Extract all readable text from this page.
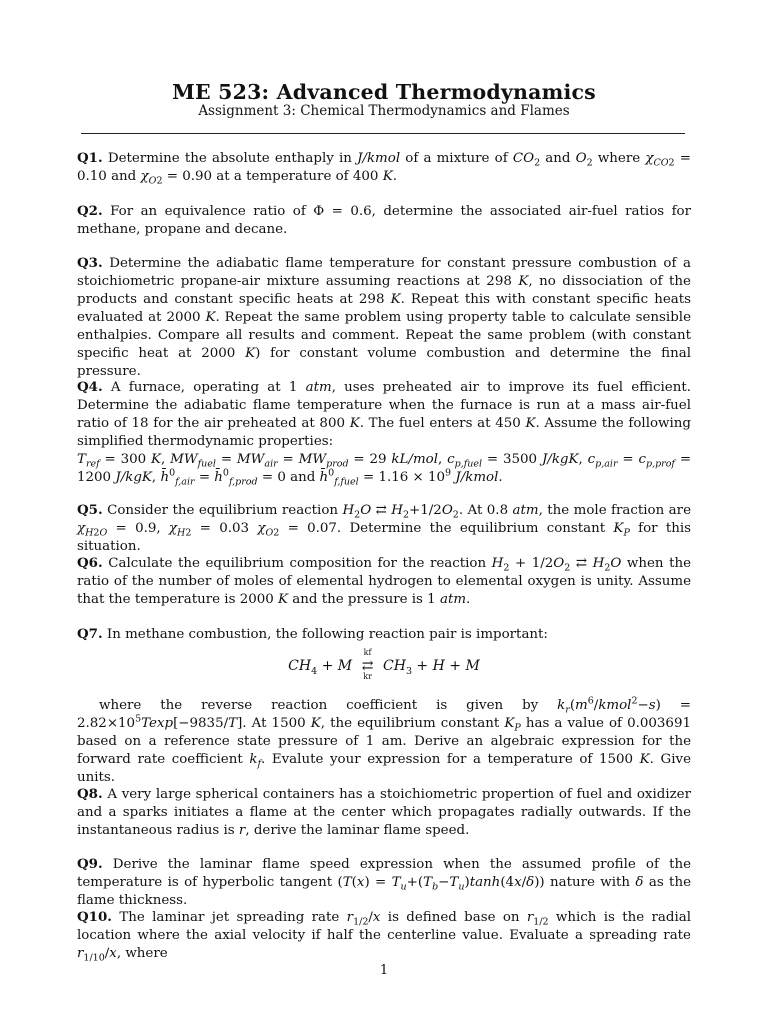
ME 523: Advanced Thermodynamics
Assignment 3: Chemical Thermodynamics and Flames
Q1. Determine the absolute enthaply in J/kmol of a mixture of $CO_2$ and $O_2$ where $\chi_{CO2} = 0.10$ and $\chi_{O2} = 0.90$ at a temperature of 400 K.
Q2. For an equivalence ratio of Φ = 0.6, determine the associated air-fuel ratios for methane, propane and decane.
Q3. Determine the adiabatic flame temperature for constant pressure combustion of a stoichiometric propane-air mixture assuming reactions at 298 K, no dissociation of the products and constant specific heats at 298 K. Repeat this with constant specific heats evaluated at 2000 K. Repeat the same problem using property table to calculate sensible enthalpies. Compare all results and comment. Repeat the same problem (with constant specific heat at 2000 K) for constant volume combustion and determine the final pressure.
Q4. A furnace, operating at 1 atm, uses preheated air to improve its fuel efficient. Determine the adiabatic flame temperature when the furnace is run at a mass air-fuel ratio of 18 for the air preheated at 800 K. The fuel enters at 450 K. Assume the following simplified thermodynamic properties:
$T_{ref} = 300$ K, $MW_{fuel} = MW_{air} = MW_{prod} = 29$ kL/mol, $c_{p,fuel} = 3500$ J/kgK, $c_{p,air} = c_{p,prof} = 1200$ J/kgK, h̄$^0_{f,air}$ = h̄$^0_{f,prod}$ = 0 and h̄$^0_{f,fuel}$ = $1.16 \times 10^9$ J/kmol.
Q5. Consider the equilibrium reaction $H_2O$ ⇄ $H_2+1/2O_2$. At 0.8 atm, the mole fraction are $\chi_{H2O} = 0.9$, $\chi_{H2} = 0.03$ $\chi_{O2} = 0.07$. Determine the equilibrium constant $K_P$ for this situation.
Q6. Calculate the equilibrium composition for the reaction $H_2 + 1/2O_2$ ⇄ $H_2O$ when the ratio of the number of moles of elemental hydrogen to elemental oxygen is unity. Assume that the temperature is 2000 K and the pressure is 1 atm.
Q7. In methane combustion, the following reaction pair is important:
$CH_4 + M$
kf
⇄
kr
$CH_3 + H + M$
where the reverse reaction coefficient is given by $k_r(m^6/kmol^2-s) = 2.82\times 10^5Texp[-9835/T]$. At 1500 K, the equilibrium constant $K_P$ has a value of 0.003691 based on a reference state pressure of 1 am. Derive an algebraic expression for the forward rate coefficient $k_f$. Evalute your expression for a temperature of 1500 K. Give units.
Q8. A very large spherical containers has a stoichiometric propertion of fuel and oxidizer and a sparks initiates a flame at the center which propagates radially outwards. If the instantaneous radius is r, derive the laminar flame speed.
Q9. Derive the laminar flame speed expression when the assumed profile of the temperature is of hyperbolic tangent $(T(x) = T_u+(T_b-T_u)\tanh(4x/\delta))$ nature with δ as the flame thickness.
Q10. The laminar jet spreading rate $r_{1/2}/x$ is defined base on $r_{1/2}$ which is the radial location where the axial velocity if half the centerline value. Evaluate a spreading rate $r_{1/10}/x$, where
1
